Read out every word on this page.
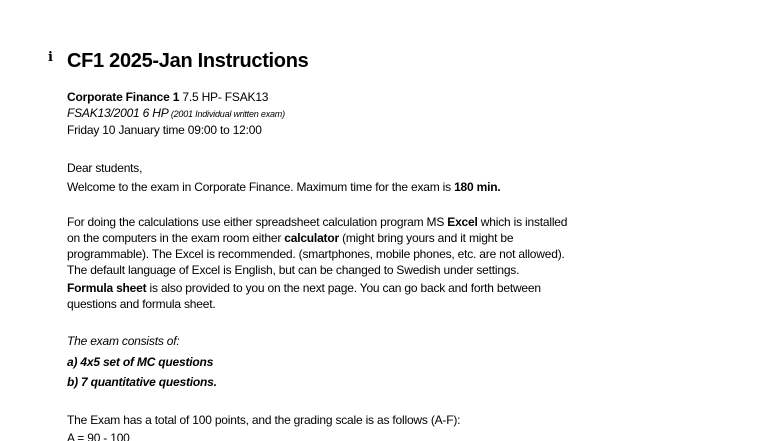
i CF1 2025-Jan Instructions
Corporate Finance 1 7.5 HP- FSAK13
FSAK13/2001 6 HP (2001 Individual written exam)
Friday 10 January time 09:00 to 12:00
Dear students,
Welcome to the exam in Corporate Finance. Maximum time for the exam is 180 min.
For doing the calculations use either spreadsheet calculation program MS Excel which is installed
on the computers in the exam room either calculator (might bring yours and it might be
programmable). The Excel is recommended. (smartphones, mobile phones, etc. are not allowed).
The default language of Excel is English, but can be changed to Swedish under settings.
Formula sheet is also provided to you on the next page. You can go back and forth between
questions and formula sheet.
The exam consists of:
a) 4x5 set of MC questions
b) 7 quantitative questions.
The Exam has a total of 100 points, and the grading scale is as follows (A-F):
A = 90 - 100
